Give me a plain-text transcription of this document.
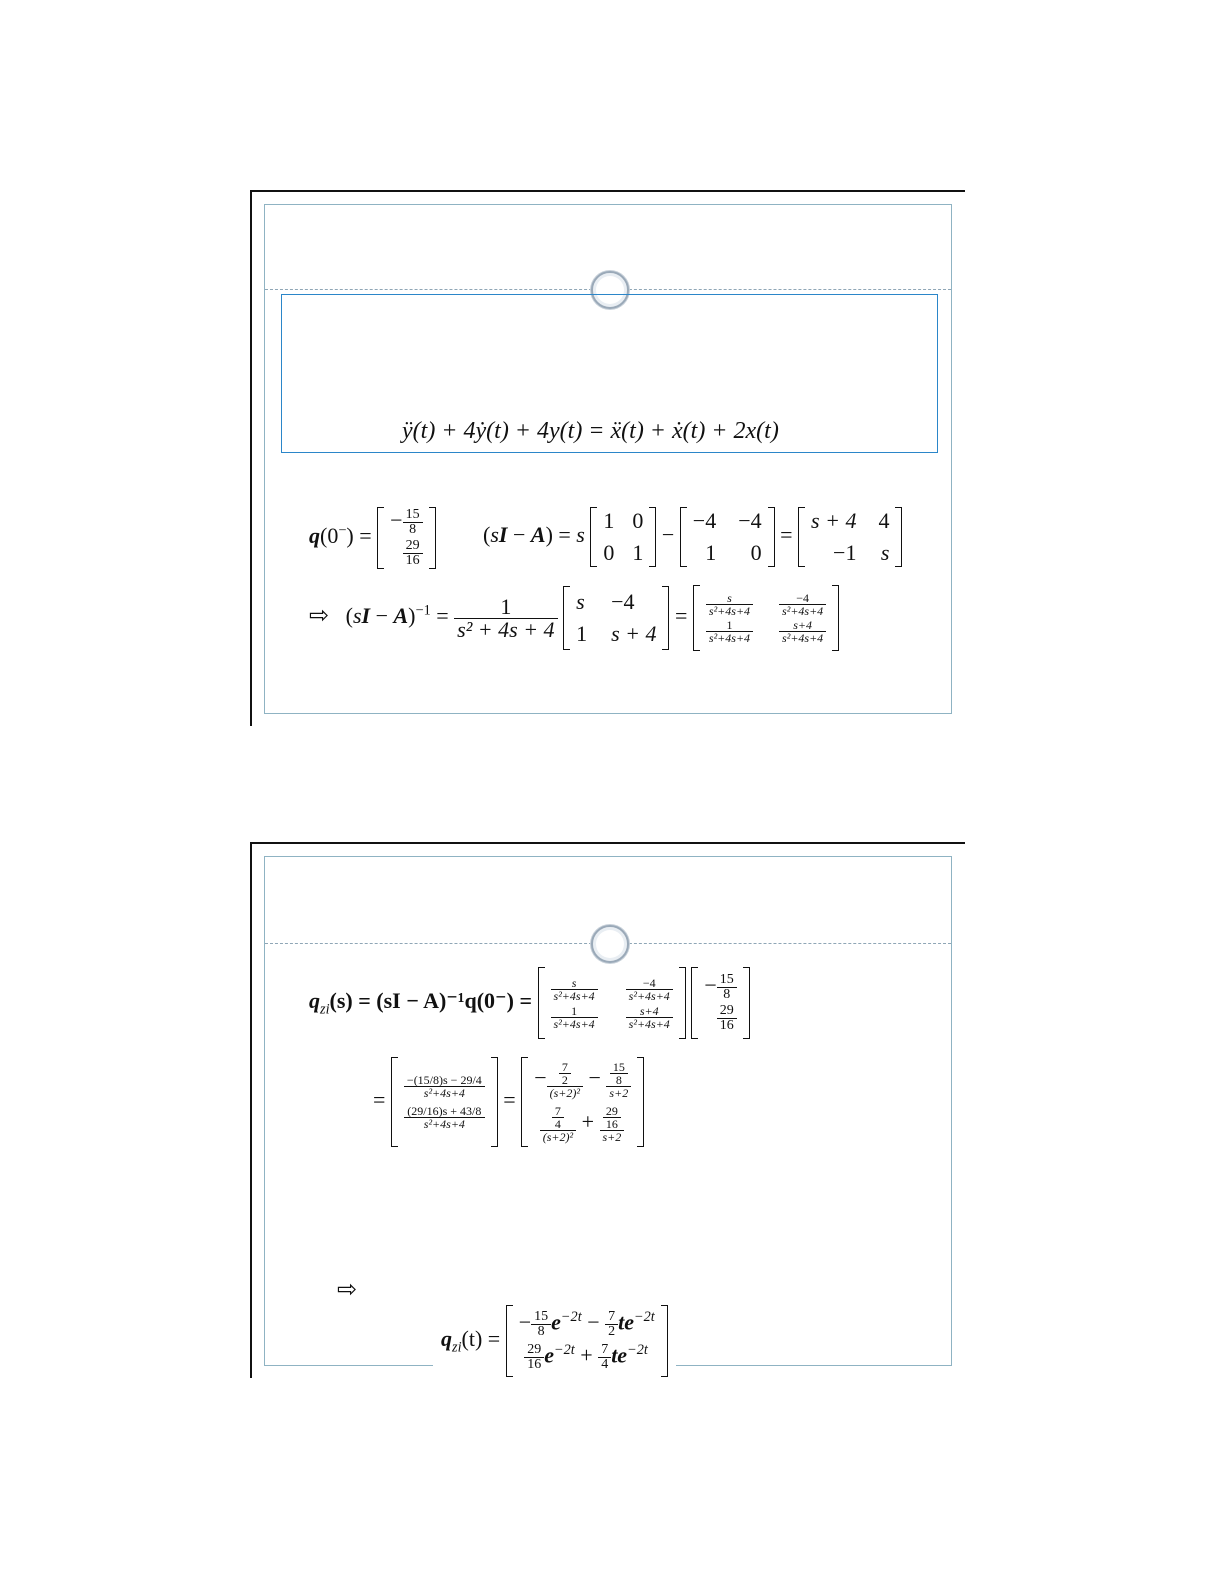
ÿ(t) + 4ẏ(t) + 4y(t) = ẍ(t) + ẋ(t) + 2x(t)
q(0−) =
− $\frac{15}{8}$
$\frac{29}{16}$
(sI − A) = s
1 0
0 1
−
−4 −4
1	0
=
s + 4 4
−1 s
⇨   $(sI - A)^{-1} = \frac{1}{\text{s² + 4s + 4}}$
s −4
1 s + 4
= $\frac{s}{\text{s²+4s+4}} \frac{-4}{\text{s²+4s+4}}$
$\frac{1}{\text{s²+4s+4}} \frac{s+4}{\text{s²+4s+4}}$
$q_{zi}(s) = (sI - A)^{-1}q(0^-) = \frac{s}{\text{s²+4s+4}} \frac{-4}{\text{s²+4s+4}}$
$\frac{1}{\text{s²+4s+4}} \frac{s+4}{\text{s²+4s+4}}$

− $\frac{15}{8}$
$\frac{29}{16}$
=
$\frac{-(15/8)s - 29/4}{\text{s²+4s+4}}$
$\frac{(29/16)s + 43/8}{\text{s²+4s+4}}$
=
− $\frac{\frac{7}{2}}{\text{(s+2)²}} - \frac{\frac{15}{8}}{s+2}$

$\frac{\frac{7}{4}}{\text{(s+2)²}} + \frac{\frac{29}{16}}{s+2}$
⇨
$q_{zi}(t)$ =
− $\frac{15}{8} e^{-2t} - \frac{7}{2} te^{-2t}$

$\frac{29}{16} e^{-2t} + \frac{7}{4} te^{-2t}$
